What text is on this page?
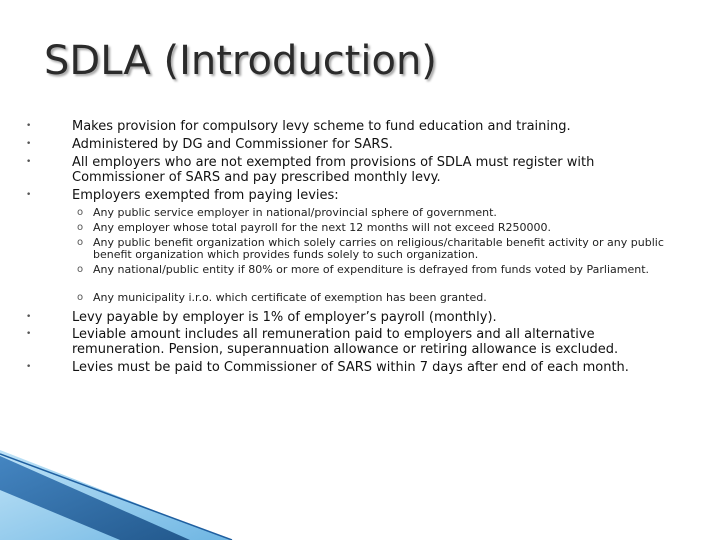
SDLA (Introduction)
•	Makes provision for compulsory levy scheme to fund education and training.
•	Administered by DG and Commissioner for SARS.
•	All employers who are not exempted from provisions of SDLA must register with Commissioner of SARS and pay prescribed monthly levy.
•	Employers exempted from paying levies:
o Any public service employer in national/provincial sphere of government.
o Any employer whose total payroll for the next 12 months will not exceed R250000.
o Any public benefit organization which solely carries on religious/charitable benefit activity or any public benefit organization which provides funds solely to such organization.
o Any national/public entity if 80% or more of expenditure is defrayed from funds voted by Parliament.
o Any municipality i.r.o. which certificate of exemption has been granted.
•	Levy payable by employer is 1% of employer’s payroll (monthly).
•	Leviable amount includes all remuneration paid to employers and all alternative remuneration. Pension, superannuation allowance or retiring allowance is excluded.
•	Levies must be paid to Commissioner of SARS within 7 days after end of each month.
